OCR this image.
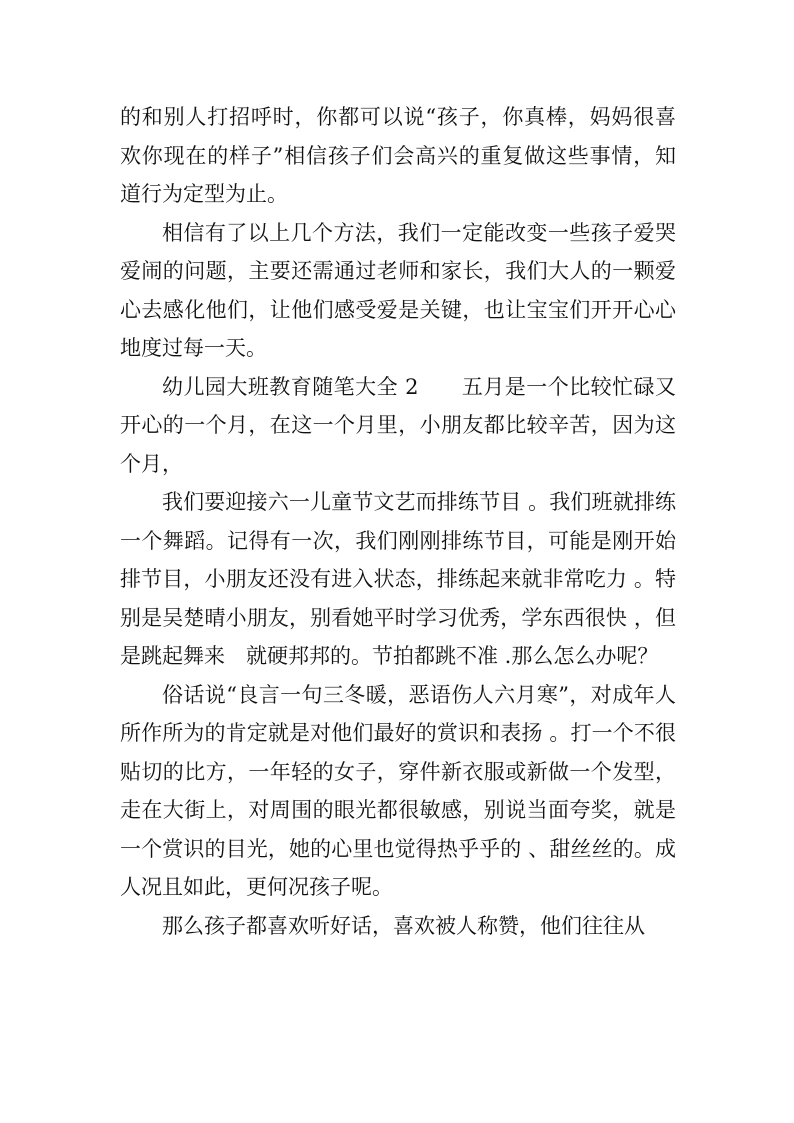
的和别人打招呼时，你都可以说“孩子，你真棒，妈妈很喜欢你现在的样子”相信孩子们会高兴的重复做这些事情，知道行为定型为止。

相信有了以上几个方法，我们一定能改变一些孩子爱哭爱闹的问题，主要还需通过老师和家长，我们大人的一颗爱心去感化他们，让他们感受爱是关键，也让宝宝们开开心心地度过每一天。

幼儿园大班教育随笔大全 2　　五月是一个比较忙碌又开心的一个月，在这一个月里，小朋友都比较辛苦，因为这个月，

我们要迎接六一儿童节文艺而排练节目 。我们班就排练一个舞蹈。记得有一次，我们刚刚排练节目，可能是刚开始排节目，小朋友还没有进入状态，排练起来就非常吃力 。特别是吴楚晴小朋友，别看她平时学习优秀，学东西很快 ，但是跳起舞来　就硬邦邦的。节拍都跳不准 .那么怎么办呢？

俗话说“良言一句三冬暖，恶语伤人六月寒”，对成年人所作所为的肯定就是对他们最好的赏识和表扬 。打一个不很贴切的比方，一年轻的女子，穿件新衣服或新做一个发型，走在大街上，对周围的眼光都很敏感，别说当面夸奖，就是一个赏识的目光，她的心里也觉得热乎乎的 、甜丝丝的。成人况且如此，更何况孩子呢。

那么孩子都喜欢听好话，喜欢被人称赞，他们往往从
